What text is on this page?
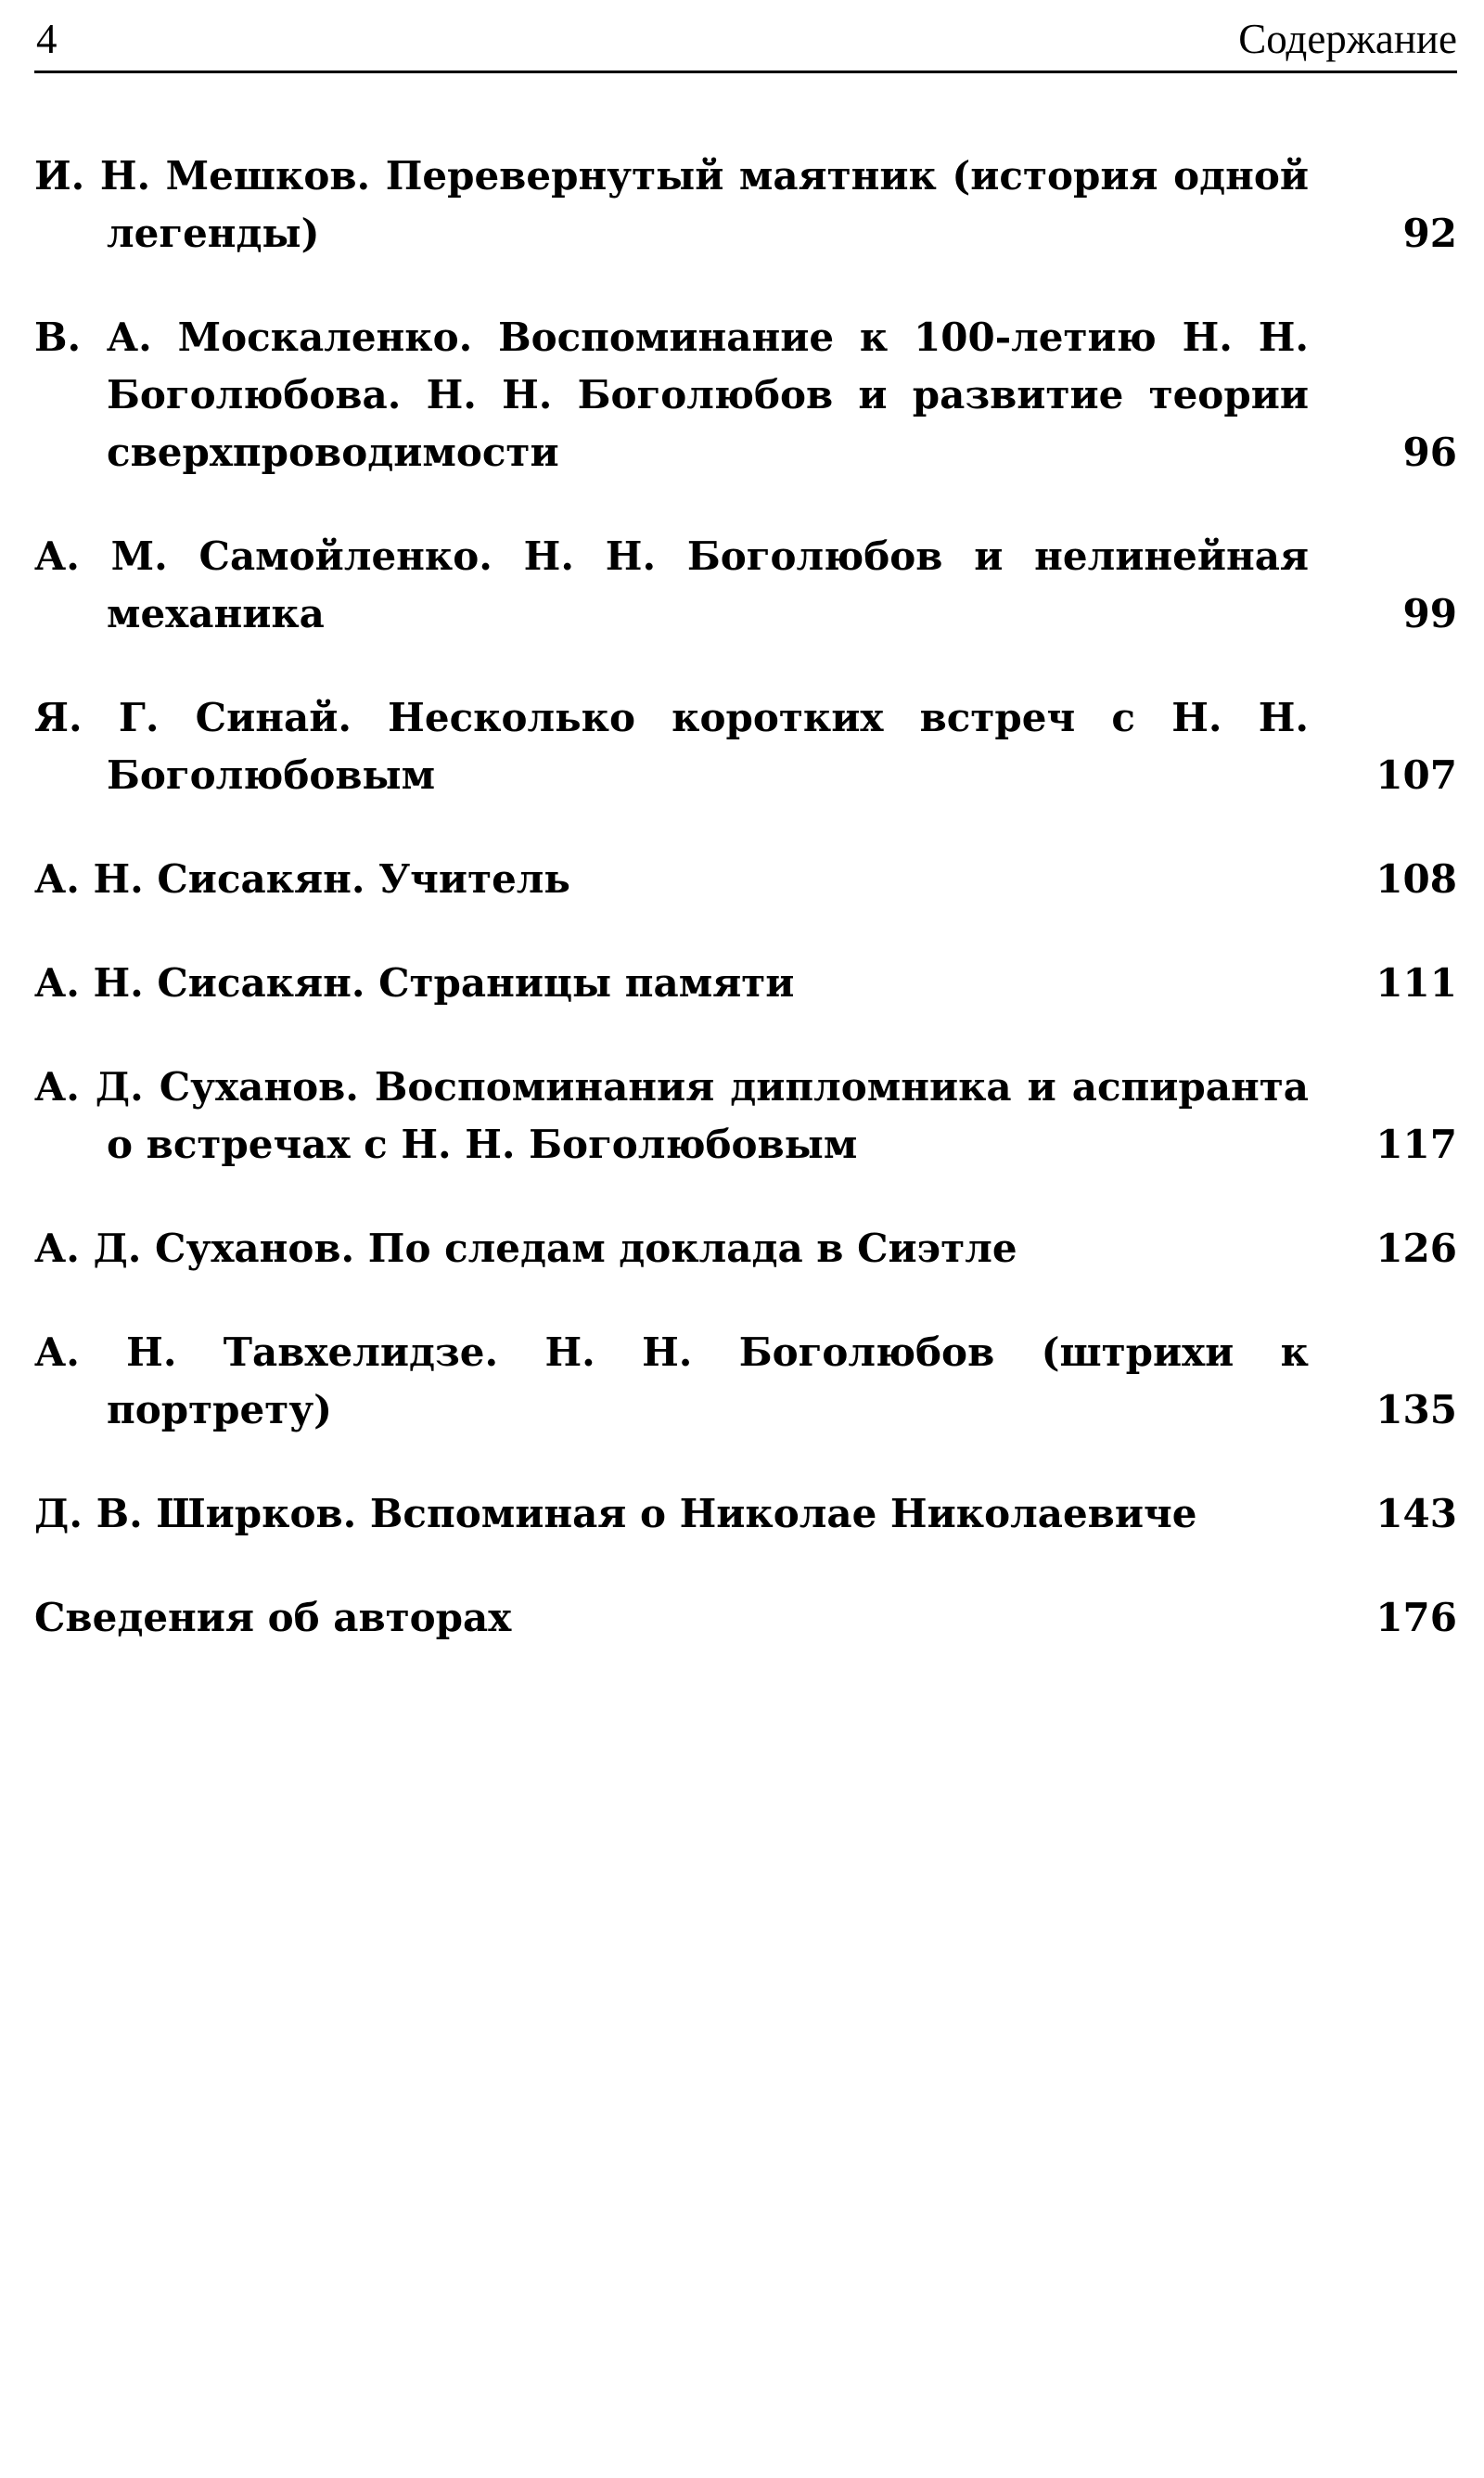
4	Содержание
И. Н. Мешков. Перевернутый маятник (история одной легенды)	92
В. А. Москаленко. Воспоминание к 100-летию Н. Н. Боголюбова. Н. Н. Боголюбов и развитие теории сверхпроводимости	96
А. М. Самойленко. Н. Н. Боголюбов и нелинейная механика	99
Я. Г. Синай. Несколько коротких встреч с Н. Н. Боголюбовым	107
А. Н. Сисакян. Учитель	108
А. Н. Сисакян. Страницы памяти	111
А. Д. Суханов. Воспоминания дипломника и аспиранта о встречах с Н. Н. Боголюбовым	117
А. Д. Суханов. По следам доклада в Сиэтле	126
А. Н. Тавхелидзе. Н. Н. Боголюбов (штрихи к портрету)	135
Д. В. Ширков. Вспоминая о Николае Николаевиче	143
Сведения об авторах	176
